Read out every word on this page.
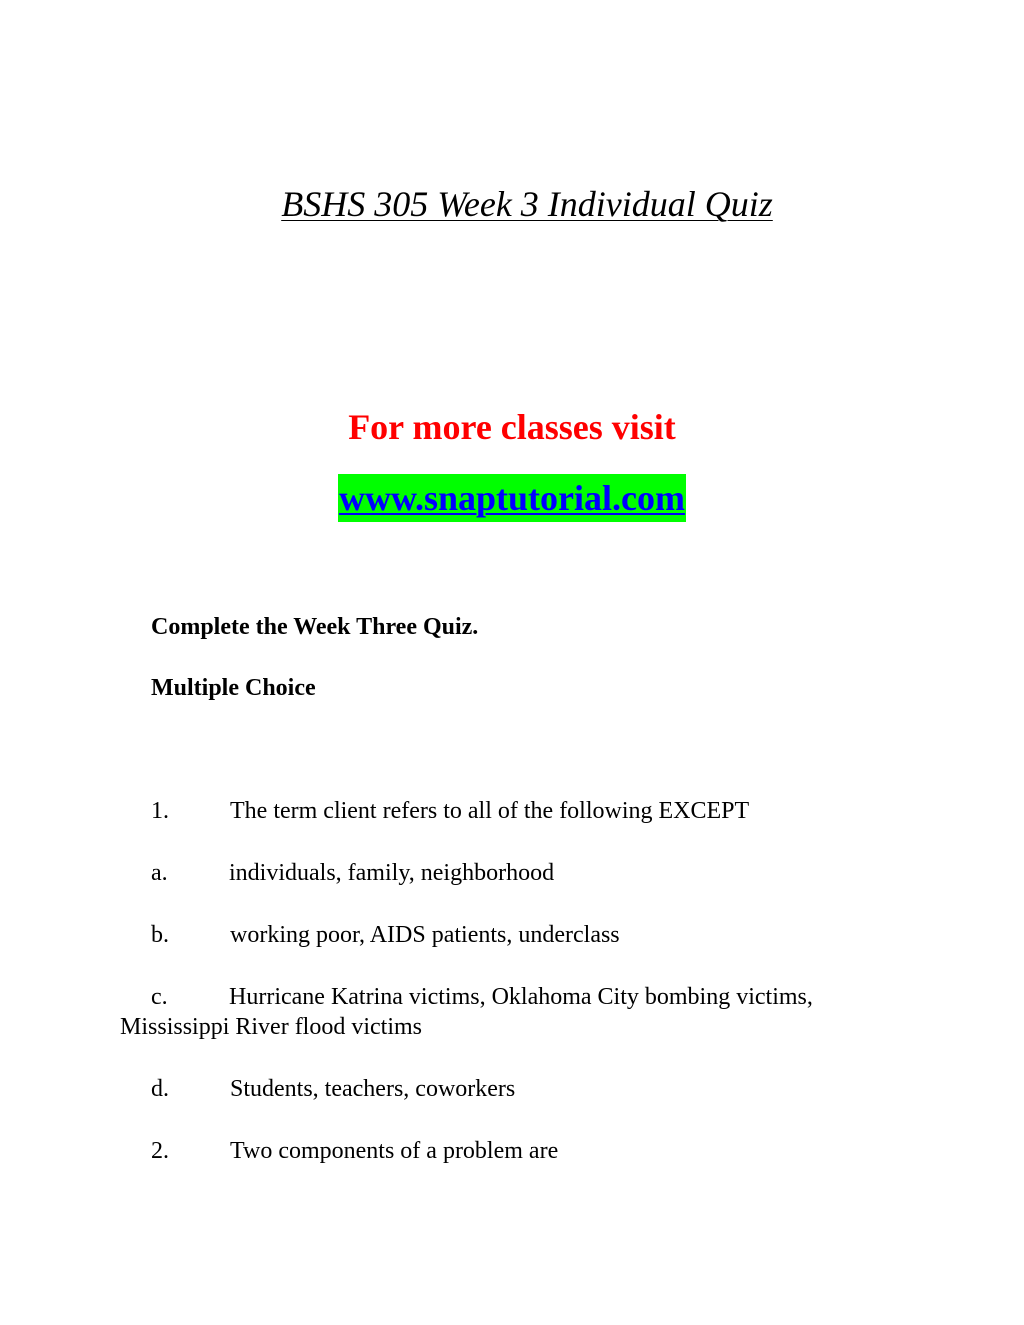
BSHS 305 Week 3 Individual Quiz

For more classes visit

www.snaptutorial.com

Complete the Week Three Quiz.

Multiple Choice

1.	The term client refers to all of the following EXCEPT

a.	individuals, family, neighborhood

b.	working poor, AIDS patients, underclass

c.	Hurricane Katrina victims, Oklahoma City bombing victims,

Mississippi River flood victims

d.	Students, teachers, coworkers

2.	Two components of a problem are
